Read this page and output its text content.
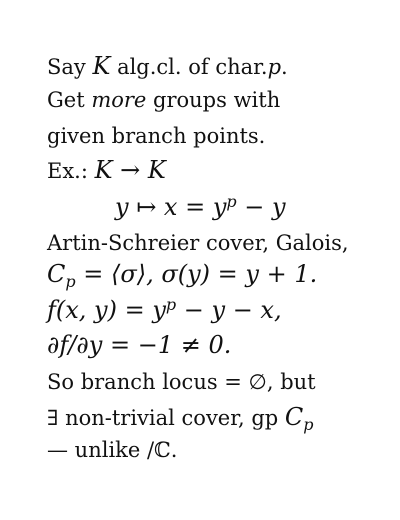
Say K alg.cl. of char.p.
Get more groups with
given branch points.
Ex.: K → K
y ↦ $x = y^p - y$
Artin-Schreier cover, Galois,
$C_p$ = ⟨σ⟩, σ(y) = y + 1.
f(x, $y) = y^p - y - x$,
∂f/∂y = −1 ≠ 0.
So branch locus = ∅, but
∃ non-trivial cover, gp $C_p$
— unlike /ℂ.
